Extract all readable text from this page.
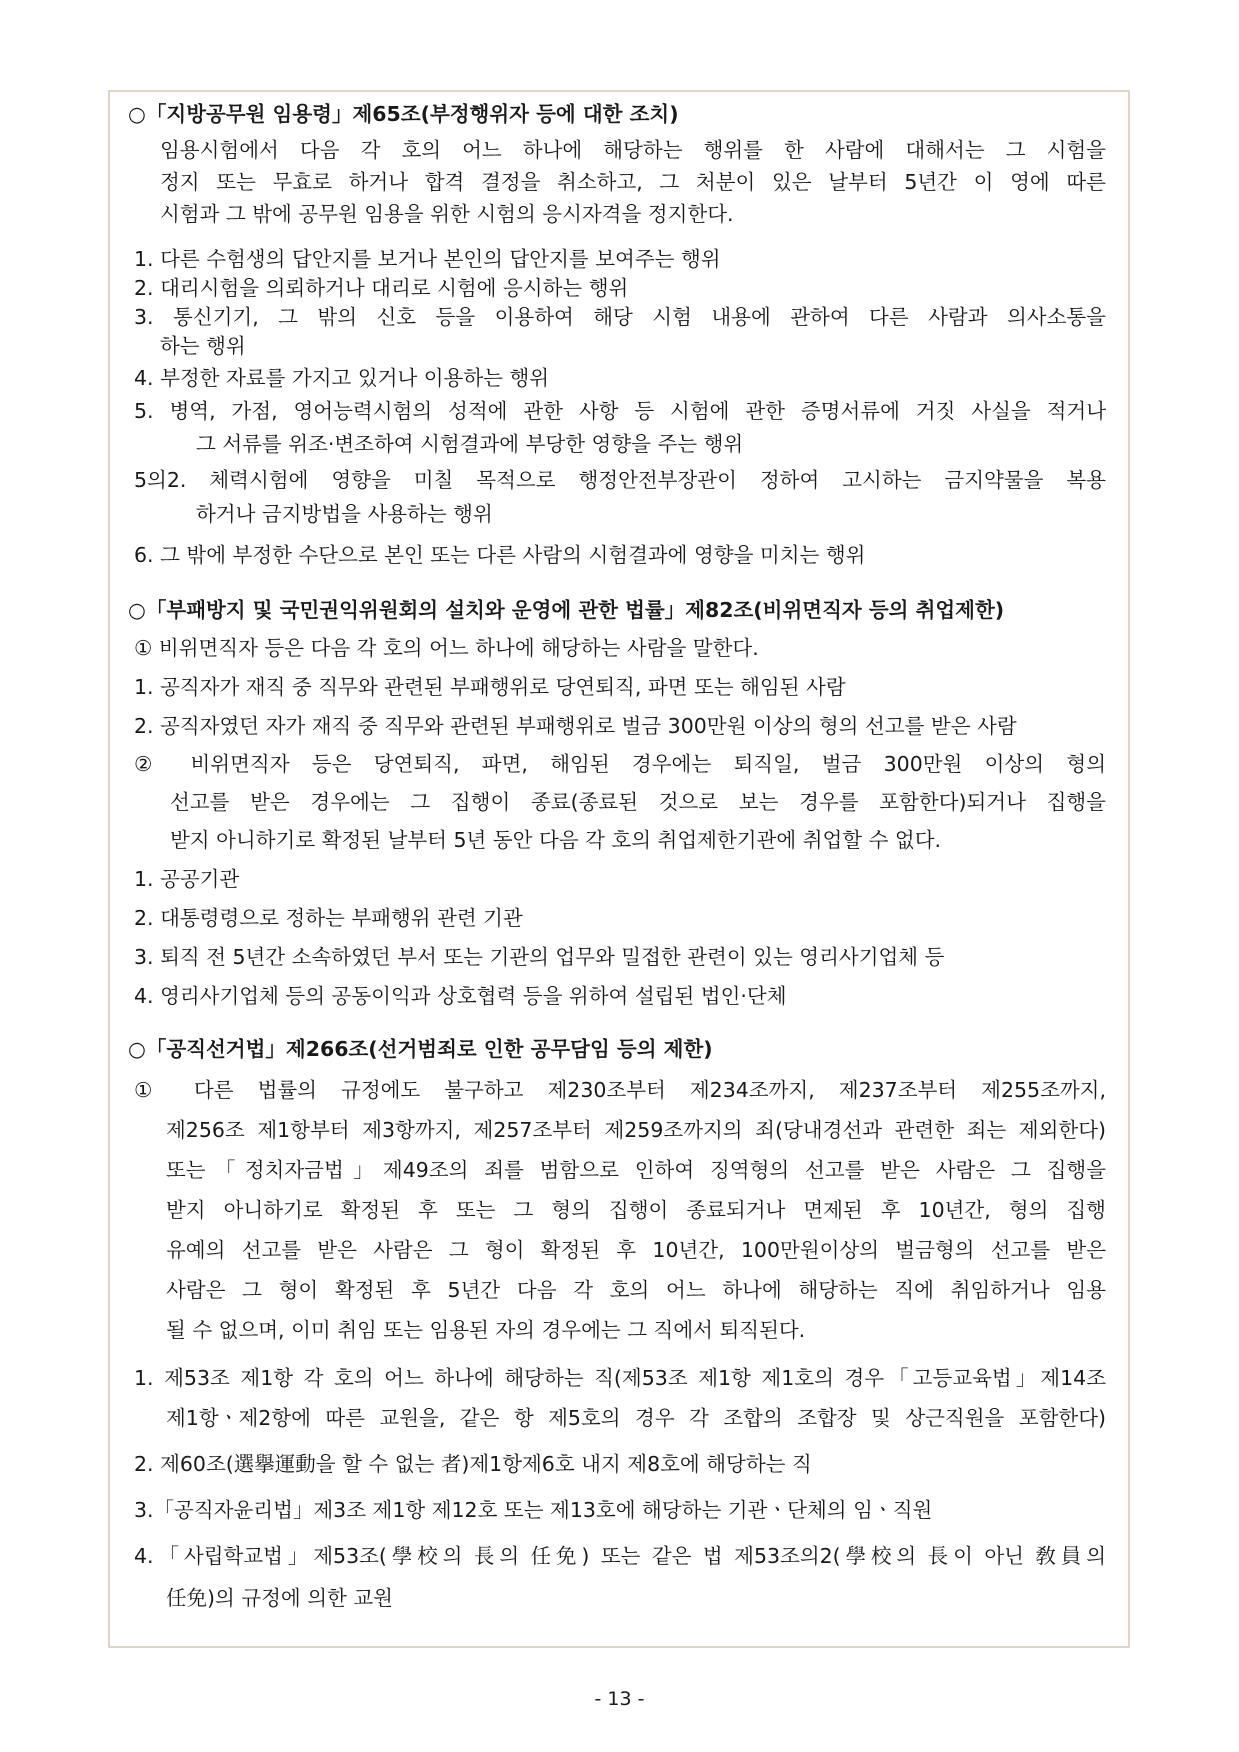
○「지방공무원 임용령」제65조(부정행위자 등에 대한 조치)
임용시험에서 다음 각 호의 어느 하나에 해당하는 행위를 한 사람에 대해서는 그 시험을
정지 또는 무효로 하거나 합격 결정을 취소하고, 그 처분이 있은 날부터 5년간 이 영에 따른
시험과 그 밖에 공무원 임용을 위한 시험의 응시자격을 정지한다.
1. 다른 수험생의 답안지를 보거나 본인의 답안지를 보여주는 행위
2. 대리시험을 의뢰하거나 대리로 시험에 응시하는 행위
3. 통신기기, 그 밖의 신호 등을 이용하여 해당 시험 내용에 관하여 다른 사람과 의사소통을
하는 행위
4. 부정한 자료를 가지고 있거나 이용하는 행위
5. 병역, 가점, 영어능력시험의 성적에 관한 사항 등 시험에 관한 증명서류에 거짓 사실을 적거나
그 서류를 위조·변조하여 시험결과에 부당한 영향을 주는 행위
5의2. 체력시험에 영향을 미칠 목적으로 행정안전부장관이 정하여 고시하는 금지약물을 복용
하거나 금지방법을 사용하는 행위
6. 그 밖에 부정한 수단으로 본인 또는 다른 사람의 시험결과에 영향을 미치는 행위
○「부패방지 및 국민권익위원회의 설치와 운영에 관한 법률」제82조(비위면직자 등의 취업제한)
① 비위면직자 등은 다음 각 호의 어느 하나에 해당하는 사람을 말한다.
1. 공직자가 재직 중 직무와 관련된 부패행위로 당연퇴직, 파면 또는 해임된 사람
2. 공직자였던 자가 재직 중 직무와 관련된 부패행위로 벌금 300만원 이상의 형의 선고를 받은 사람
② 비위면직자 등은 당연퇴직, 파면, 해임된 경우에는 퇴직일, 벌금 300만원 이상의 형의
선고를 받은 경우에는 그 집행이 종료(종료된 것으로 보는 경우를 포함한다)되거나 집행을
받지 아니하기로 확정된 날부터 5년 동안 다음 각 호의 취업제한기관에 취업할 수 없다.
1. 공공기관
2. 대통령령으로 정하는 부패행위 관련 기관
3. 퇴직 전 5년간 소속하였던 부서 또는 기관의 업무와 밀접한 관련이 있는 영리사기업체 등
4. 영리사기업체 등의 공동이익과 상호협력 등을 위하여 설립된 법인·단체
○「공직선거법」제266조(선거범죄로 인한 공무담임 등의 제한)
① 다른 법률의 규정에도 불구하고 제230조부터 제234조까지, 제237조부터 제255조까지,
제256조 제1항부터 제3항까지, 제257조부터 제259조까지의 죄(당내경선과 관련한 죄는 제외한다)
또는「정치자금법」제49조의 죄를 범함으로 인하여 징역형의 선고를 받은 사람은 그 집행을
받지 아니하기로 확정된 후 또는 그 형의 집행이 종료되거나 면제된 후 10년간, 형의 집행
유예의 선고를 받은 사람은 그 형이 확정된 후 10년간, 100만원이상의 벌금형의 선고를 받은
사람은 그 형이 확정된 후 5년간 다음 각 호의 어느 하나에 해당하는 직에 취임하거나 임용
될 수 없으며, 이미 취임 또는 임용된 자의 경우에는 그 직에서 퇴직된다.
1. 제53조 제1항 각 호의 어느 하나에 해당하는 직(제53조 제1항 제1호의 경우「고등교육법」제14조
제1항ㆍ제2항에 따른 교원을, 같은 항 제5호의 경우 각 조합의 조합장 및 상근직원을 포함한다)
2. 제60조(選擧運動을 할 수 없는 者)제1항제6호 내지 제8호에 해당하는 직
3.「공직자윤리법」제3조 제1항 제12호 또는 제13호에 해당하는 기관ㆍ단체의 임ㆍ직원
4.「사립학교법」제53조(學校의 長의 任免) 또는 같은 법 제53조의2(學校의 長이 아닌 敎員의
任免)의 규정에 의한 교원
- 13 -
